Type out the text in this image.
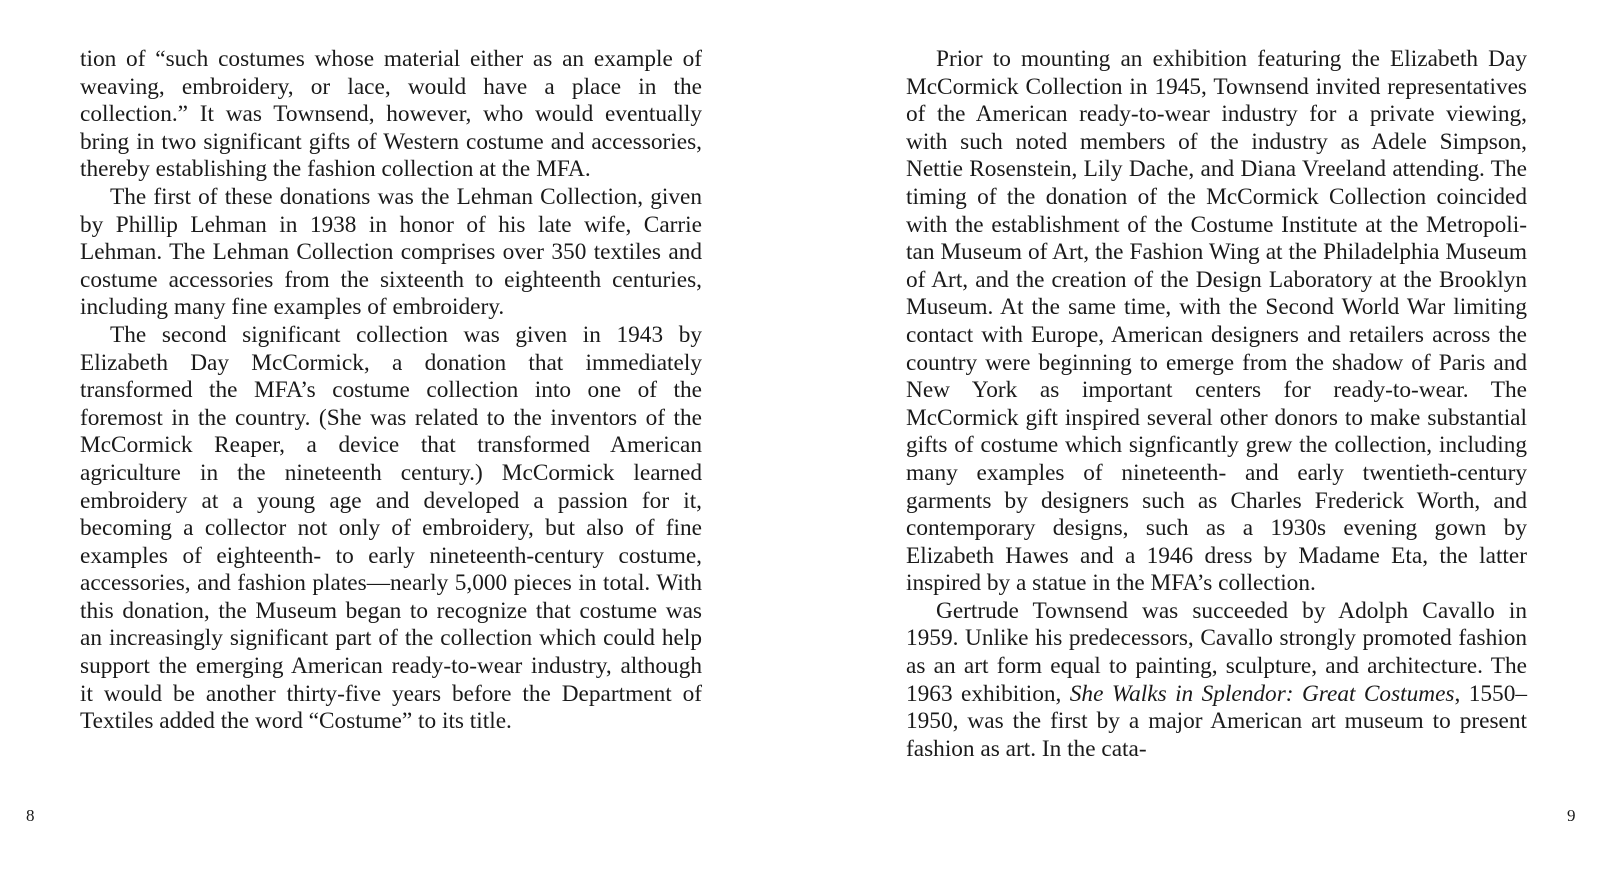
tion of “such costumes whose material either as an example of weaving, embroidery, or lace, would have a place in the collection.” It was Townsend, however, who would eventually bring in two significant gifts of Western costume and accessories, thereby establishing the fashion collection at the MFA.

The first of these donations was the Lehman Collection, given by Phillip Lehman in 1938 in honor of his late wife, Carrie Lehman. The Lehman Collection comprises over 350 textiles and costume accessories from the sixteenth to eighteenth centuries, including many fine examples of embroidery.

The second significant collection was given in 1943 by Elizabeth Day McCormick, a donation that immediately transformed the MFA’s costume collection into one of the foremost in the country. (She was related to the inventors of the McCormick Reaper, a device that transformed American agriculture in the nineteenth century.) McCormick learned embroidery at a young age and developed a passion for it, becoming a collector not only of embroidery, but also of fine examples of eighteenth- to early nineteenth-century costume, accessories, and fashion plates—nearly 5,000 pieces in total. With this donation, the Museum began to recognize that costume was an increasingly significant part of the collection which could help support the emerging American ready-to-wear industry, although it would be another thirty-five years before the Department of Textiles added the word “Costume” to its title.

8

Prior to mounting an exhibition featuring the Elizabeth Day McCormick Collection in 1945, Townsend invited representatives of the American ready-to-wear industry for a private viewing, with such noted members of the industry as Adele Simpson, Nettie Rosenstein, Lily Dache, and Diana Vreeland attending. The timing of the donation of the McCormick Collection coincided with the establishment of the Costume Institute at the Metropolitan Museum of Art, the Fashion Wing at the Philadelphia Museum of Art, and the creation of the Design Laboratory at the Brooklyn Museum. At the same time, with the Second World War limiting contact with Europe, American designers and retailers across the country were beginning to emerge from the shadow of Paris and New York as important centers for ready-to-wear. The McCormick gift inspired several other donors to make substantial gifts of costume which signficantly grew the collection, including many examples of nineteenth- and early twentieth-century garments by designers such as Charles Frederick Worth, and contemporary designs, such as a 1930s evening gown by Elizabeth Hawes and a 1946 dress by Madame Eta, the latter inspired by a statue in the MFA’s collection.

Gertrude Townsend was succeeded by Adolph Cavallo in 1959. Unlike his predecessors, Cavallo strongly promoted fashion as an art form equal to painting, sculpture, and architecture. The 1963 exhibition, She Walks in Splendor: Great Costumes, 1550–1950, was the first by a major American art museum to present fashion as art. In the cata-

9
